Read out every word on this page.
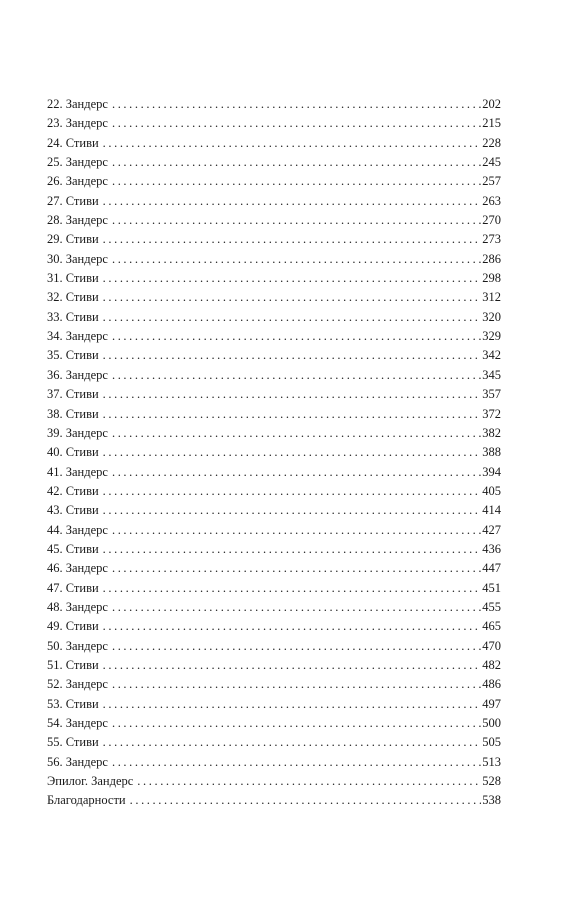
22. Зандерс .....	202
23. Зандерс .....	215
24. Стиви .....	228
25. Зандерс .....	245
26. Зандерс .....	257
27. Стиви .....	263
28. Зандерс .....	270
29. Стиви .....	273
30. Зандерс .....	286
31. Стиви .....	298
32. Стиви .....	312
33. Стиви .....	320
34. Зандерс .....	329
35. Стиви .....	342
36. Зандерс .....	345
37. Стиви .....	357
38. Стиви .....	372
39. Зандерс .....	382
40. Стиви .....	388
41. Зандерс .....	394
42. Стиви .....	405
43. Стиви .....	414
44. Зандерс .....	427
45. Стиви .....	436
46. Зандерс .....	447
47. Стиви .....	451
48. Зандерс .....	455
49. Стиви .....	465
50. Зандерс .....	470
51. Стиви .....	482
52. Зандерс .....	486
53. Стиви .....	497
54. Зандерс .....	500
55. Стиви .....	505
56. Зандерс .....	513
Эпилог. Зандерс .....	528
Благодарности .....	538
